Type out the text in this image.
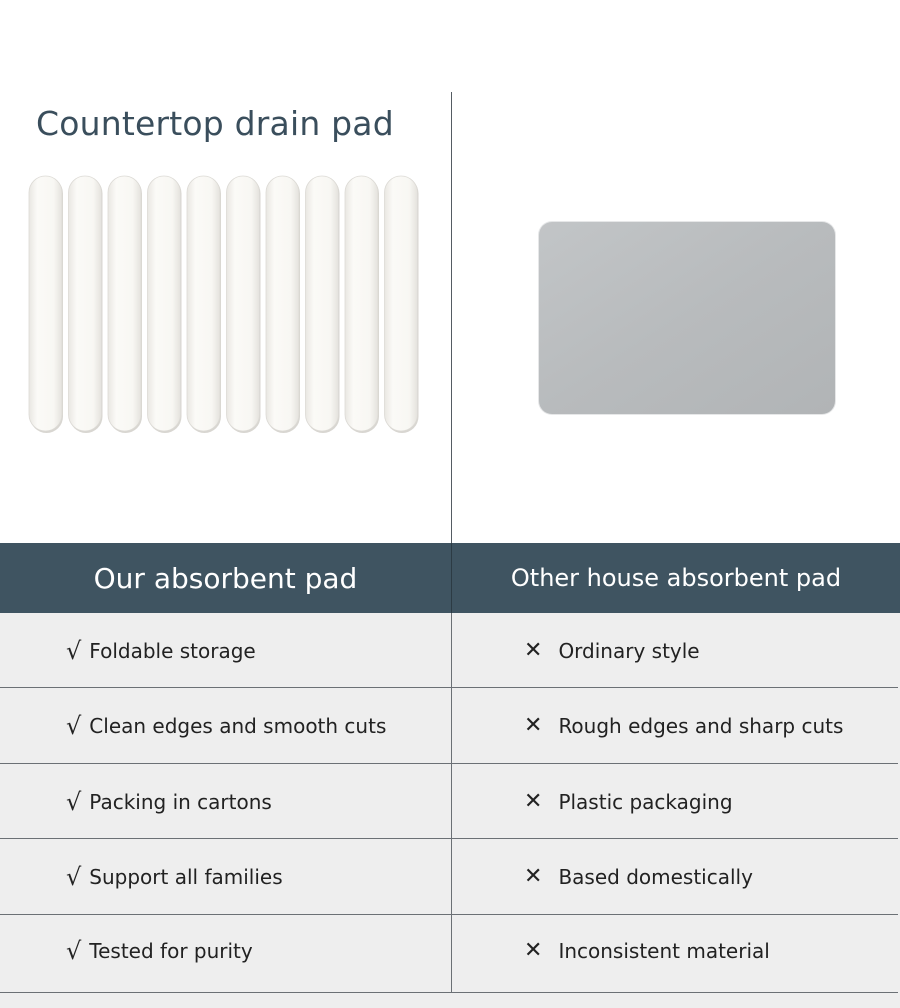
Countertop drain pad
Our absorbent pad	Other house absorbent pad
√ Foldable storage	✕ Ordinary style
√ Clean edges and smooth cuts	✕ Rough edges and sharp cuts
√ Packing in cartons	✕ Plastic packaging
√ Support all families	✕ Based domestically
√ Tested for purity	✕ Inconsistent material
